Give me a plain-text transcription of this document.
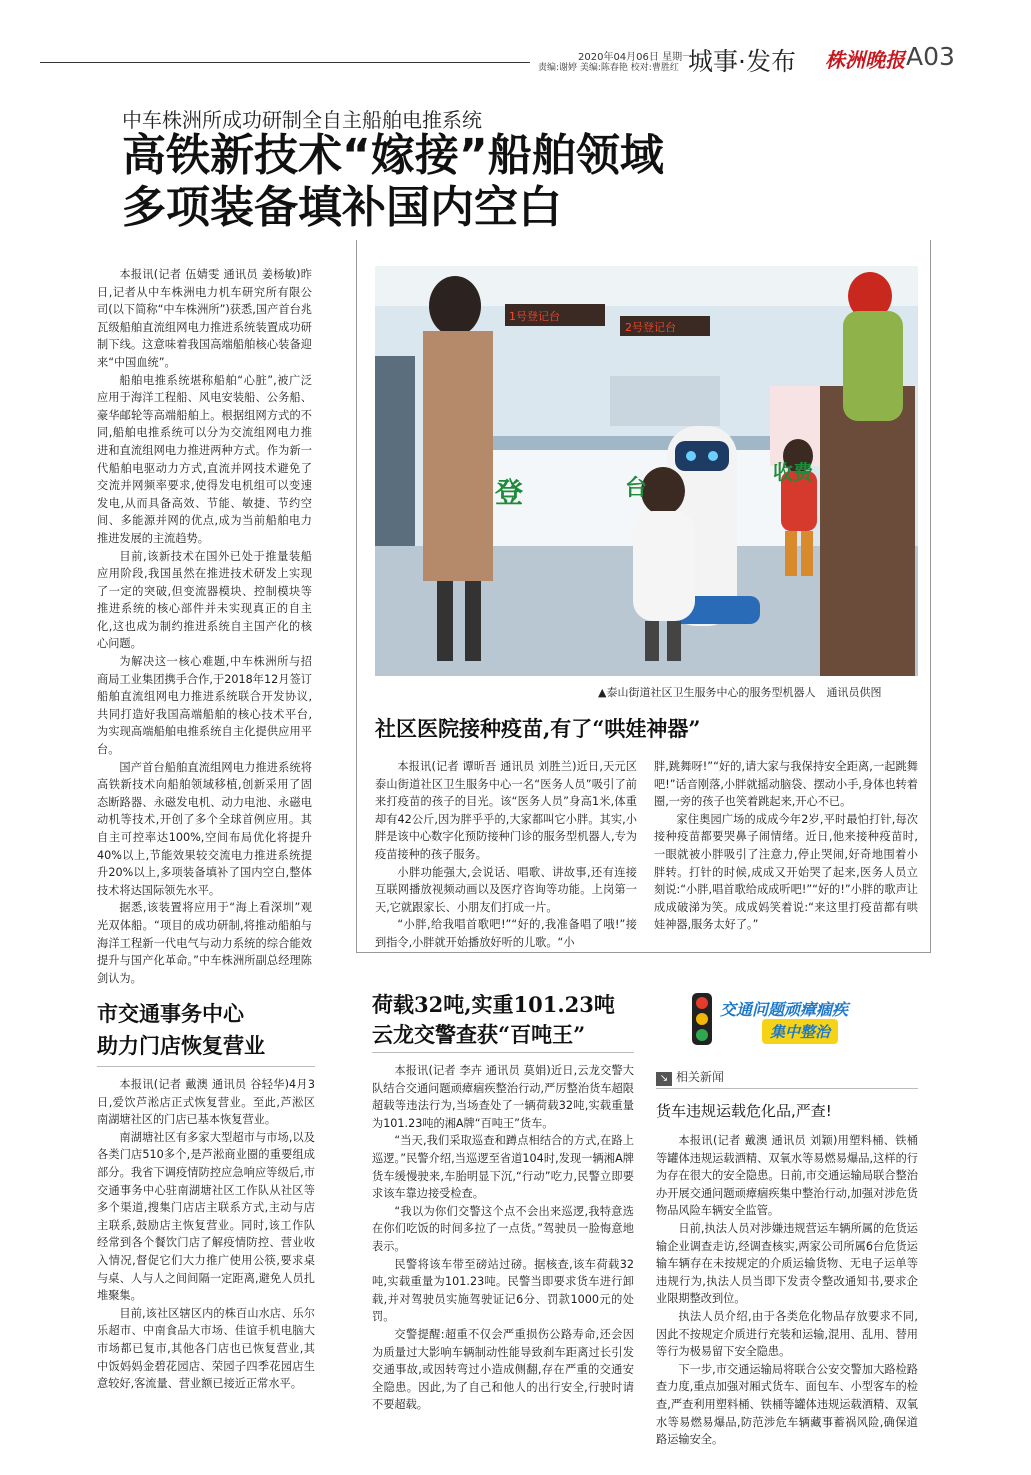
2020年04月06日 星期一
责编:谢婷 美编:陈春艳 校对:曹胜红 城事·发布 株洲晚报 A03
中车株洲所成功研制全自主船舶电推系统
高铁新技术“嫁接”船舶领域
多项装备填补国内空白

本报讯(记者 伍婧雯 通讯员 姜杨敏)昨日,记者从中车株洲电力机车研究所有限公司(以下简称“中车株洲所”)获悉,国产首台兆瓦级船舶直流组网电力推进系统装置成功研制下线。这意味着我国高端船舶核心装备迎来“中国血统”。

船舶电推系统堪称船舶“心脏”,被广泛应用于海洋工程船、风电安装船、公务船、豪华邮轮等高端船舶上。根据组网方式的不同,船舶电推系统可以分为交流组网电力推进和直流组网电力推进两种方式。作为新一代船舶电驱动力方式,直流并网技术避免了交流并网频率要求,使得发电机组可以变速发电,从而具备高效、节能、敏捷、节约空间、多能源并网的优点,成为当前船舶电力推进发展的主流趋势。

目前,该新技术在国外已处于推量装船应用阶段,我国虽然在推进技术研发上实现了一定的突破,但变流器模块、控制模块等推进系统的核心部件并未实现真正的自主化,这也成为制约推进系统自主国产化的核心问题。

为解决这一核心难题,中车株洲所与招商局工业集团携手合作,于2018年12月签订船舶直流组网电力推进系统联合开发协议,共同打造好我国高端船舶的核心技术平台,为实现高端船舶电推系统自主化提供应用平台。

国产首台船舶直流组网电力推进系统将高铁新技术向船舶领域移植,创新采用了固态断路器、永磁发电机、动力电池、永磁电动机等技术,开创了多个全球首例应用。其自主可控率达100%,空间布局优化将提升40%以上,节能效果较交流电力推进系统提升20%以上,多项装备填补了国内空白,整体技术将达国际领先水平。

据悉,该装置将应用于“海上看深圳”观光双体船。“项目的成功研制,将推动船舶与海洋工程新一代电气与动力系统的综合能效提升与国产化革命。”中车株洲所副总经理陈剑认为。

登	台
收费
1号登记台
2号登记台
▲泰山街道社区卫生服务中心的服务型机器人　通讯员供图
社区医院接种疫苗,有了“哄娃神器”

本报讯(记者 谭昕吾 通讯员 刘胜兰)近日,天元区泰山街道社区卫生服务中心一名“医务人员”吸引了前来打疫苗的孩子的目光。该“医务人员”身高1米,体重却有42公斤,因为胖乎乎的,大家都叫它小胖。其实,小胖是该中心数字化预防接种门诊的服务型机器人,专为疫苗接种的孩子服务。

小胖功能强大,会说话、唱歌、讲故事,还有连接互联网播放视频动画以及医疗咨询等功能。上岗第一天,它就跟家长、小朋友们打成一片。

“小胖,给我唱首歌吧!”“好的,我准备唱了哦!”接到指令,小胖就开始播放好听的儿歌。“小

胖,跳舞呀!”“好的,请大家与我保持安全距离,一起跳舞吧!”话音刚落,小胖就摇动脑袋、摆动小手,身体也转着圈,一旁的孩子也笑着跳起来,开心不已。

家住奥园广场的成成今年2岁,平时最怕打针,每次接种疫苗都要哭鼻子闹情绪。近日,他来接种疫苗时,一眼就被小胖吸引了注意力,停止哭闹,好奇地围着小胖转。打针的时候,成成又开始哭了起来,医务人员立刻说:“小胖,唱首歌给成成听吧!”“好的!”小胖的歌声让成成破涕为笑。成成妈笑着说:“来这里打疫苗都有哄娃神器,服务太好了。”

市交通事务中心
助力门店恢复营业

本报讯(记者 戴澳 通讯员 谷轻华)4月3日,爱饮芦淞店正式恢复营业。至此,芦淞区南湖塘社区的门店已基本恢复营业。

南湖塘社区有多家大型超市与市场,以及各类门店510多个,是芦淞商业圈的重要组成部分。我省下调疫情防控应急响应等级后,市交通事务中心驻南湖塘社区工作队从社区等多个渠道,搜集门店店主联系方式,主动与店主联系,鼓励店主恢复营业。同时,该工作队经常到各个餐饮门店了解疫情防控、营业收入情况,督促它们大力推广使用公筷,要求桌与桌、人与人之间间隔一定距离,避免人员扎堆聚集。

目前,该社区辖区内的株百山水店、乐尔乐超市、中南食品大市场、佳谊手机电脑大市场都已复市,其他各门店也已恢复营业,其中饭妈妈金碧花园店、荣园子四季花园店生意较好,客流量、营业额已接近正常水平。

荷载32吨,实重101.23吨
云龙交警查获“百吨王”

本报讯(记者 李卉 通讯员 莫娟)近日,云龙交警大队结合交通问题顽瘴痼疾整治行动,严厉整治货车超限超载等违法行为,当场查处了一辆荷载32吨,实载重量为101.23吨的湘A牌“百吨王”货车。

“当天,我们采取巡查和蹲点相结合的方式,在路上巡逻。”民警介绍,当巡逻至省道104时,发现一辆湘A牌货车缓慢驶来,车胎明显下沉,“行动”吃力,民警立即要求该车靠边接受检查。

“我以为你们交警这个点不会出来巡逻,我特意选在你们吃饭的时间多拉了一点货。”驾驶员一脸悔意地表示。

民警将该车带至磅站过磅。据核查,该车荷载32吨,实载重量为101.23吨。民警当即要求货车进行卸载,并对驾驶员实施驾驶证记6分、罚款1000元的处罚。

交警提醒:超重不仅会严重损伤公路寿命,还会因为质量过大影响车辆制动性能导致刹车距离过长引发交通事故,或因转弯过小造成侧翻,存在严重的交通安全隐患。因此,为了自己和他人的出行安全,行驶时请不要超载。

交通问题顽瘴痼疾
集中整治
↘ 相关新闻
货车违规运载危化品,严查!

本报讯(记者 戴澳 通讯员 刘颖)用塑料桶、铁桶等罐体违规运载酒精、双氧水等易燃易爆品,这样的行为存在很大的安全隐患。日前,市交通运输局联合整治办开展交通问题顽瘴痼疾集中整治行动,加强对涉危货物品风险车辆安全监管。

日前,执法人员对涉嫌违规营运车辆所属的危货运输企业调查走访,经调查核实,两家公司所属6台危货运输车辆存在未按规定的介质运输货物、无电子运单等违规行为,执法人员当即下发责令整改通知书,要求企业限期整改到位。

执法人员介绍,由于各类危化物品存放要求不同,因此不按规定介质进行充装和运输,混用、乱用、替用等行为极易留下安全隐患。

下一步,市交通运输局将联合公安交警加大路检路查力度,重点加强对厢式货车、面包车、小型客车的检查,严查利用塑料桶、铁桶等罐体违规运载酒精、双氧水等易燃易爆品,防范涉危车辆藏事蓄祸风险,确保道路运输安全。
